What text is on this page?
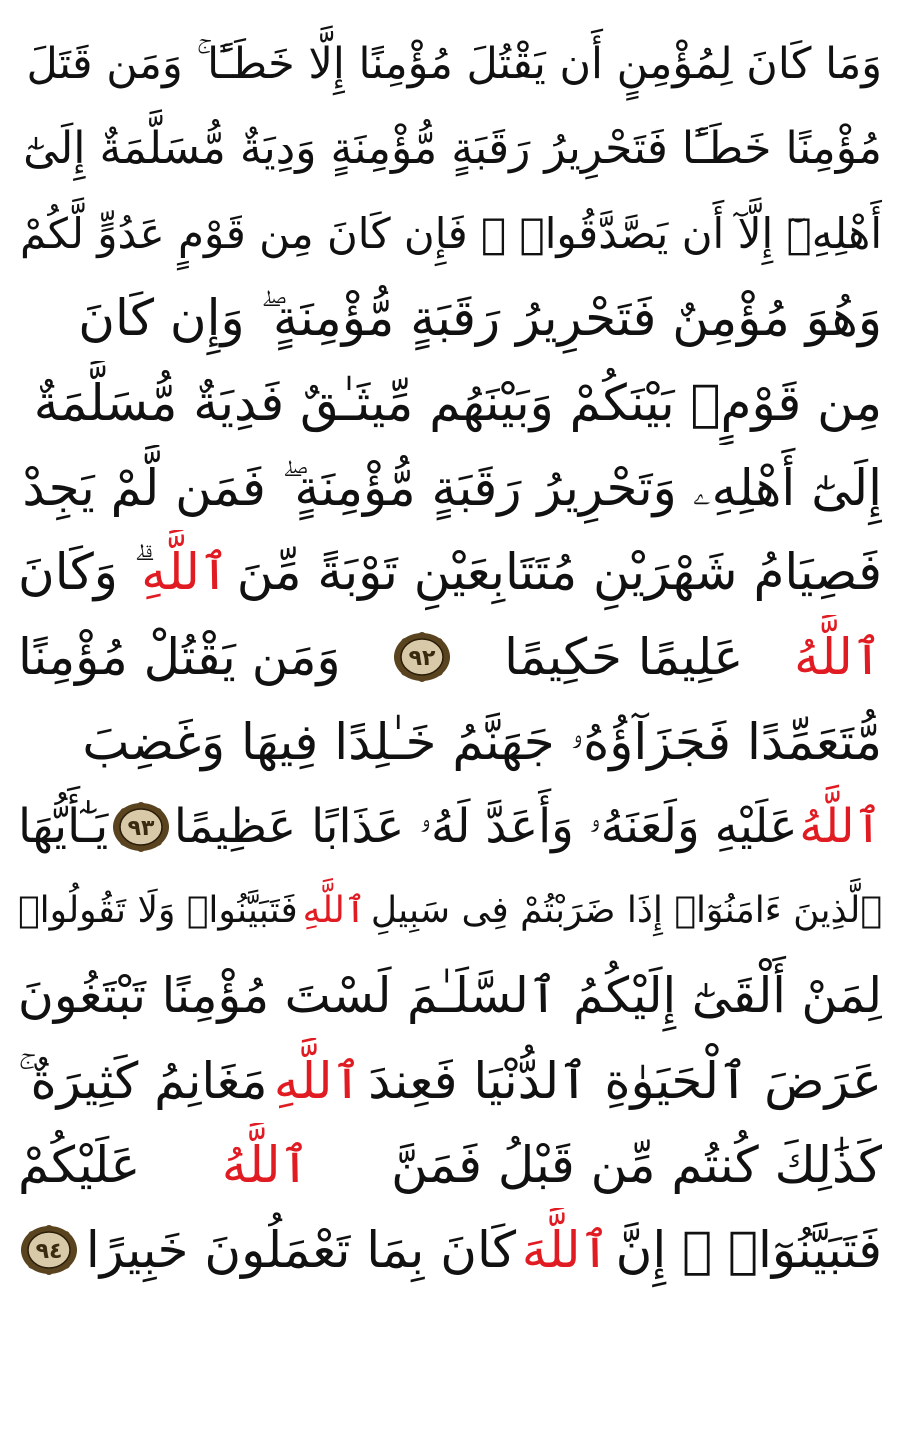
وَمَا كَانَ لِمُؤْمِنٍ أَن يَقْتُلَ مُؤْمِنًا إِلَّا خَطَـًٔا ۚ وَمَن قَتَلَ
مُؤْمِنًا خَطَـًٔا فَتَحْرِيرُ رَقَبَةٍ مُّؤْمِنَةٍ وَدِيَةٌ مُّسَلَّمَةٌ إِلَىٰٓ
أَهْلِهِۦٓ إِلَّآ أَن يَصَّدَّقُوا۟ ۚ فَإِن كَانَ مِن قَوْمٍ عَدُوٍّ لَّكُمْ
وَهُوَ مُؤْمِنٌ فَتَحْرِيرُ رَقَبَةٍ مُّؤْمِنَةٍ ۖ وَإِن كَانَ
مِن قَوْمٍۭ بَيْنَكُمْ وَبَيْنَهُم مِّيثَـٰقٌ فَدِيَةٌ مُّسَلَّمَةٌ
إِلَىٰٓ أَهْلِهِۦ وَتَحْرِيرُ رَقَبَةٍ مُّؤْمِنَةٍ ۖ فَمَن لَّمْ يَجِدْ
فَصِيَامُ شَهْرَيْنِ مُتَتَابِعَيْنِ تَوْبَةً مِّنَ
ٱللَّهِ
ۗ وَكَانَ
ٱللَّهُ
عَلِيمًا حَكِيمًا
٩٢
وَمَن يَقْتُلْ مُؤْمِنًا
مُّتَعَمِّدًا فَجَزَآؤُهُۥ جَهَنَّمُ خَـٰلِدًا فِيهَا وَغَضِبَ
ٱللَّهُ
عَلَيْهِ وَلَعَنَهُۥ وَأَعَدَّ لَهُۥ عَذَابًا عَظِيمًا
٩٣
يَـٰٓأَيُّهَا
ٱلَّذِينَ ءَامَنُوٓا۟ إِذَا ضَرَبْتُمْ فِى سَبِيلِ
ٱللَّهِ
فَتَبَيَّنُوا۟ وَلَا تَقُولُوا۟
لِمَنْ أَلْقَىٰٓ إِلَيْكُمُ ٱلسَّلَـٰمَ لَسْتَ مُؤْمِنًا تَبْتَغُونَ
عَرَضَ ٱلْحَيَوٰةِ ٱلدُّنْيَا فَعِندَ
ٱللَّهِ
مَغَانِمُ كَثِيرَةٌ ۚ
كَذَٰلِكَ كُنتُم مِّن قَبْلُ فَمَنَّ
ٱللَّهُ
عَلَيْكُمْ
فَتَبَيَّنُوٓا۟ ۚ إِنَّ
ٱللَّهَ
كَانَ بِمَا تَعْمَلُونَ خَبِيرًا
٩٤
